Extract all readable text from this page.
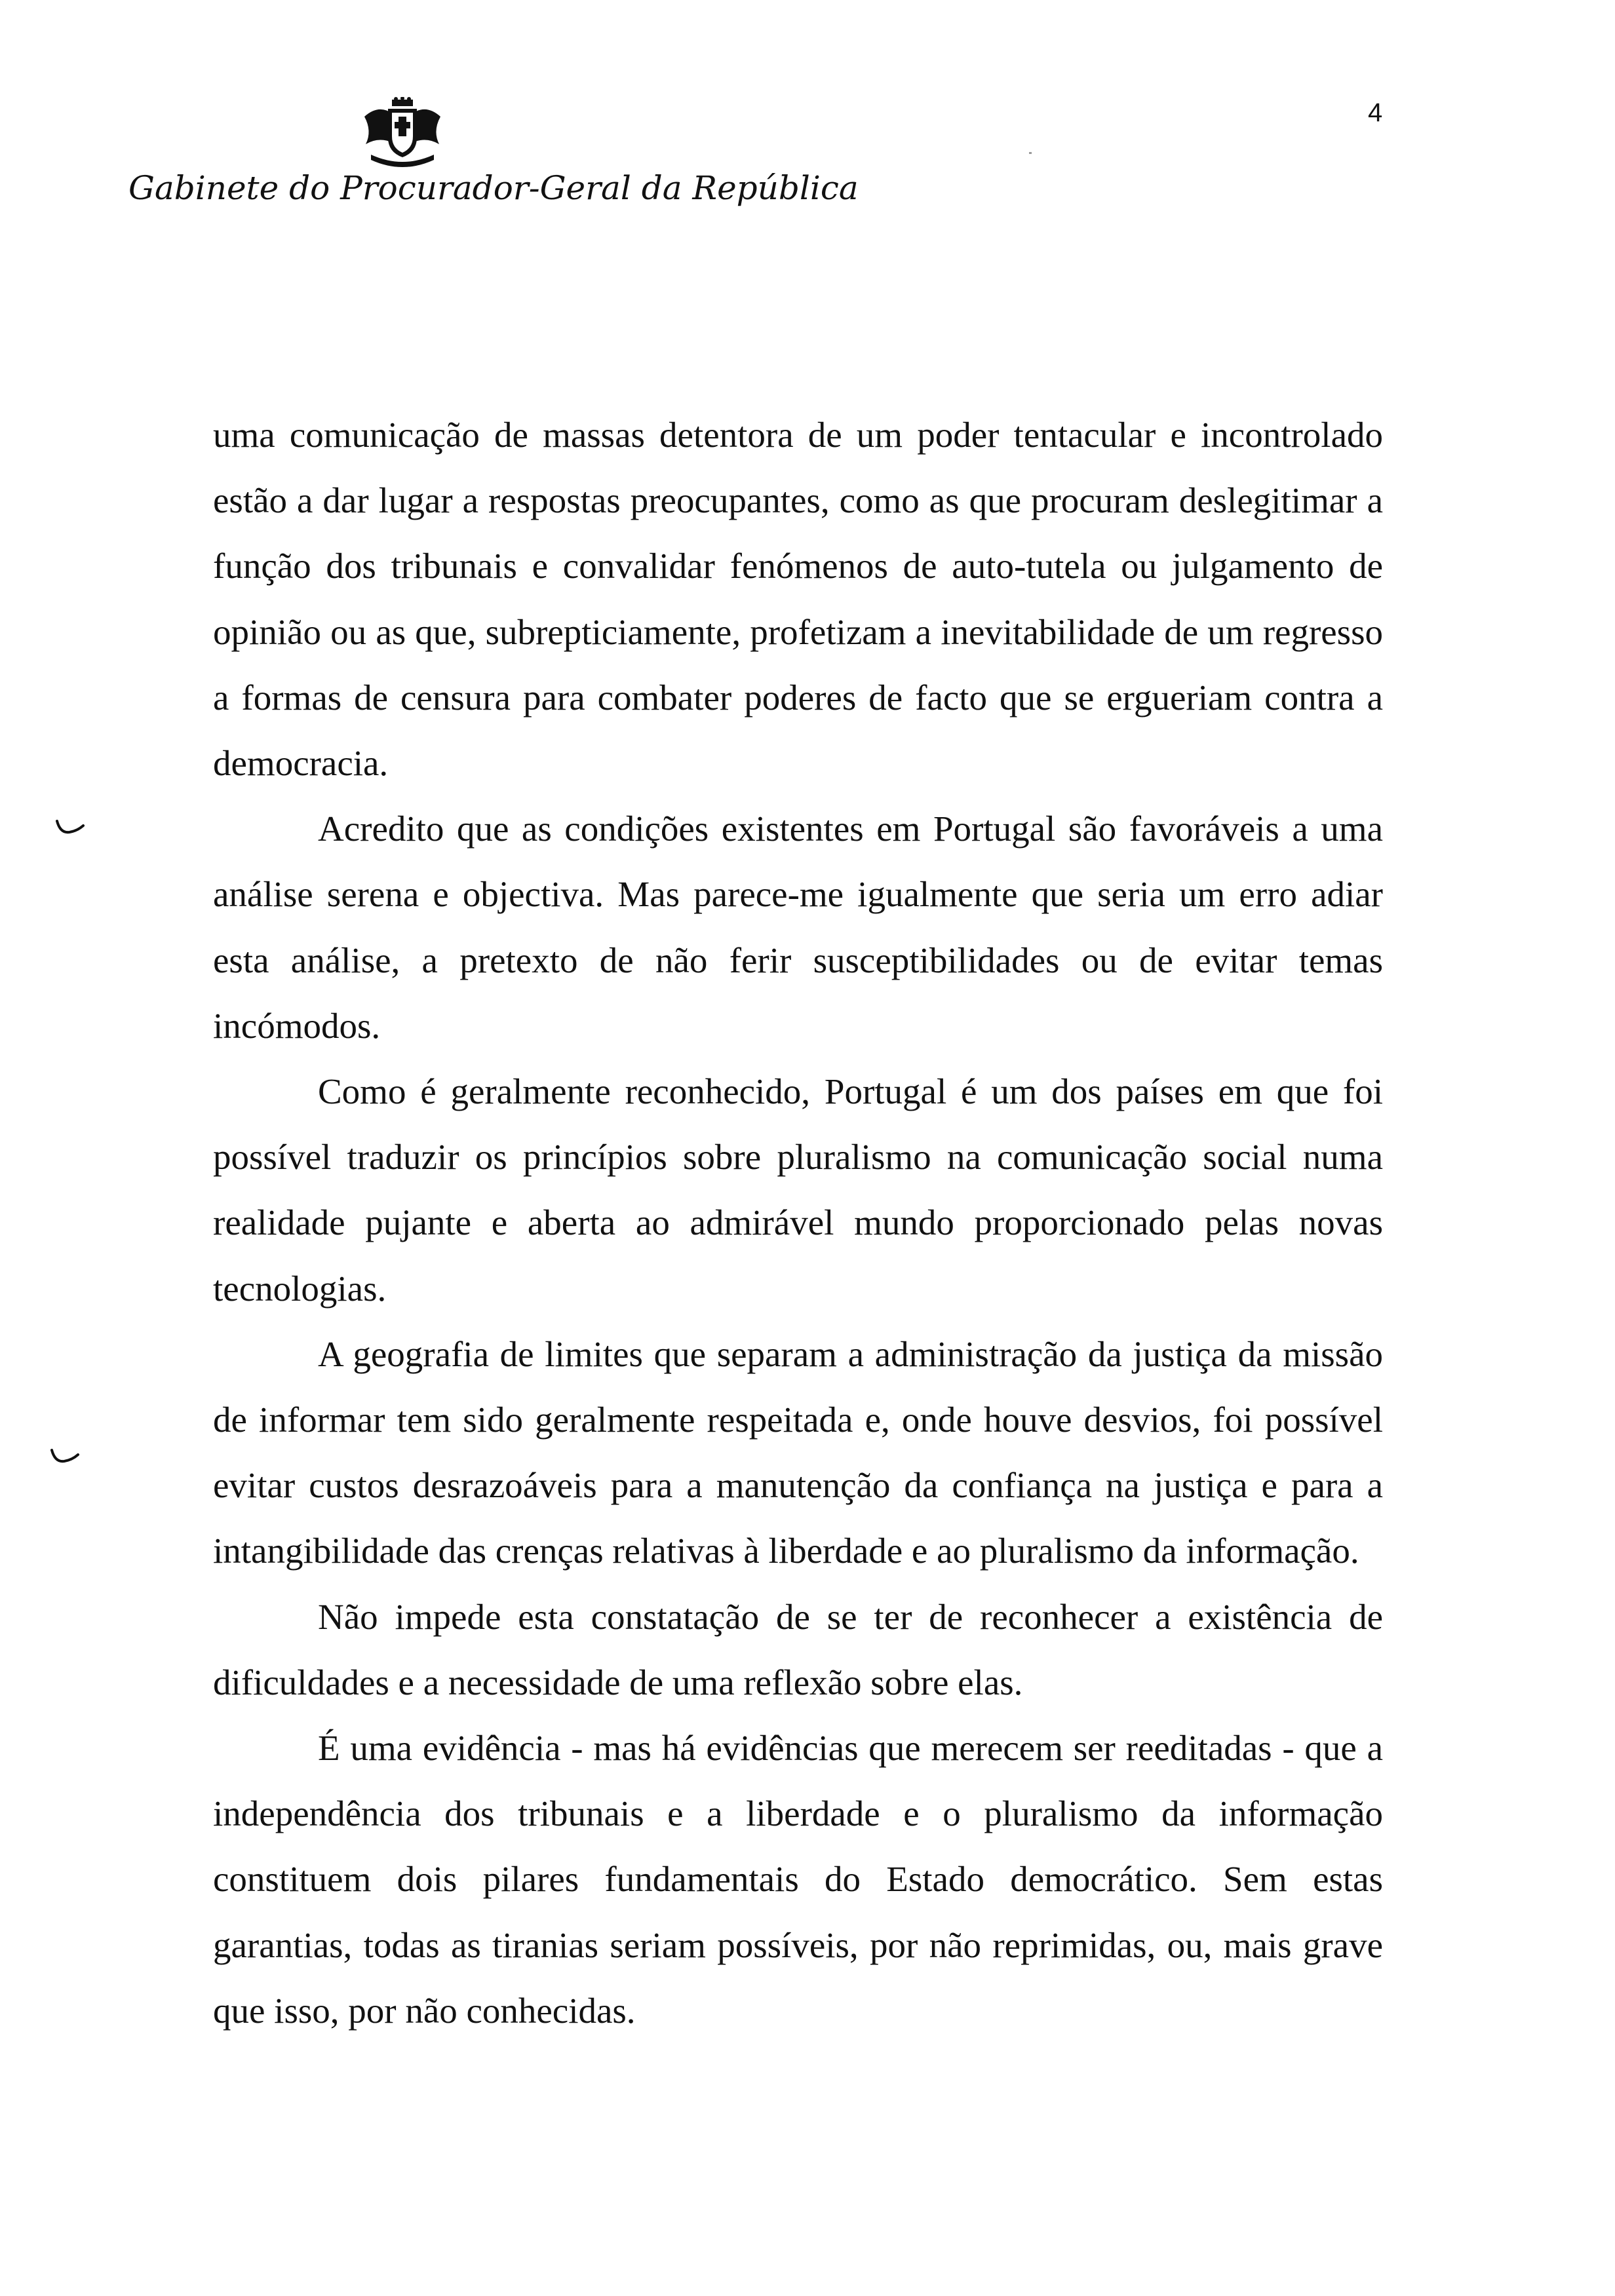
Gabinete do Procurador-Geral da República
4

uma comunicação de massas detentora de um poder tentacular e incontrolado estão a dar lugar a respostas preocupantes, como as que procuram deslegitimar a função dos tribunais e convalidar fenómenos de auto-tutela ou julgamento de opinião ou as que, subrepticiamente, profetizam a inevitabilidade de um regresso a formas de censura para combater poderes de facto que se ergueriam contra a democracia.

Acredito que as condições existentes em Portugal são favoráveis a uma análise serena e objectiva. Mas parece-me igualmente que seria um erro adiar esta análise, a pretexto de não ferir susceptibilidades ou de evitar temas incómodos.

Como é geralmente reconhecido, Portugal é um dos países em que foi possível traduzir os princípios sobre pluralismo na comunicação social numa realidade pujante e aberta ao admirável mundo proporcionado pelas novas tecnologias.

A geografia de limites que separam a administração da justiça da missão de informar tem sido geralmente respeitada e, onde houve desvios, foi possível evitar custos desrazoáveis para a manutenção da confiança na justiça e para a intangibilidade das crenças relativas à liberdade e ao pluralismo da informação.

Não impede esta constatação de se ter de reconhecer a existência de dificuldades e a necessidade de uma reflexão sobre elas.

É uma evidência - mas há evidências que merecem ser reeditadas - que a independência dos tribunais e a liberdade e o pluralismo da informação constituem dois pilares fundamentais do Estado democrático. Sem estas garantias, todas as tiranias seriam possíveis, por não reprimidas, ou, mais grave que isso, por não conhecidas.
